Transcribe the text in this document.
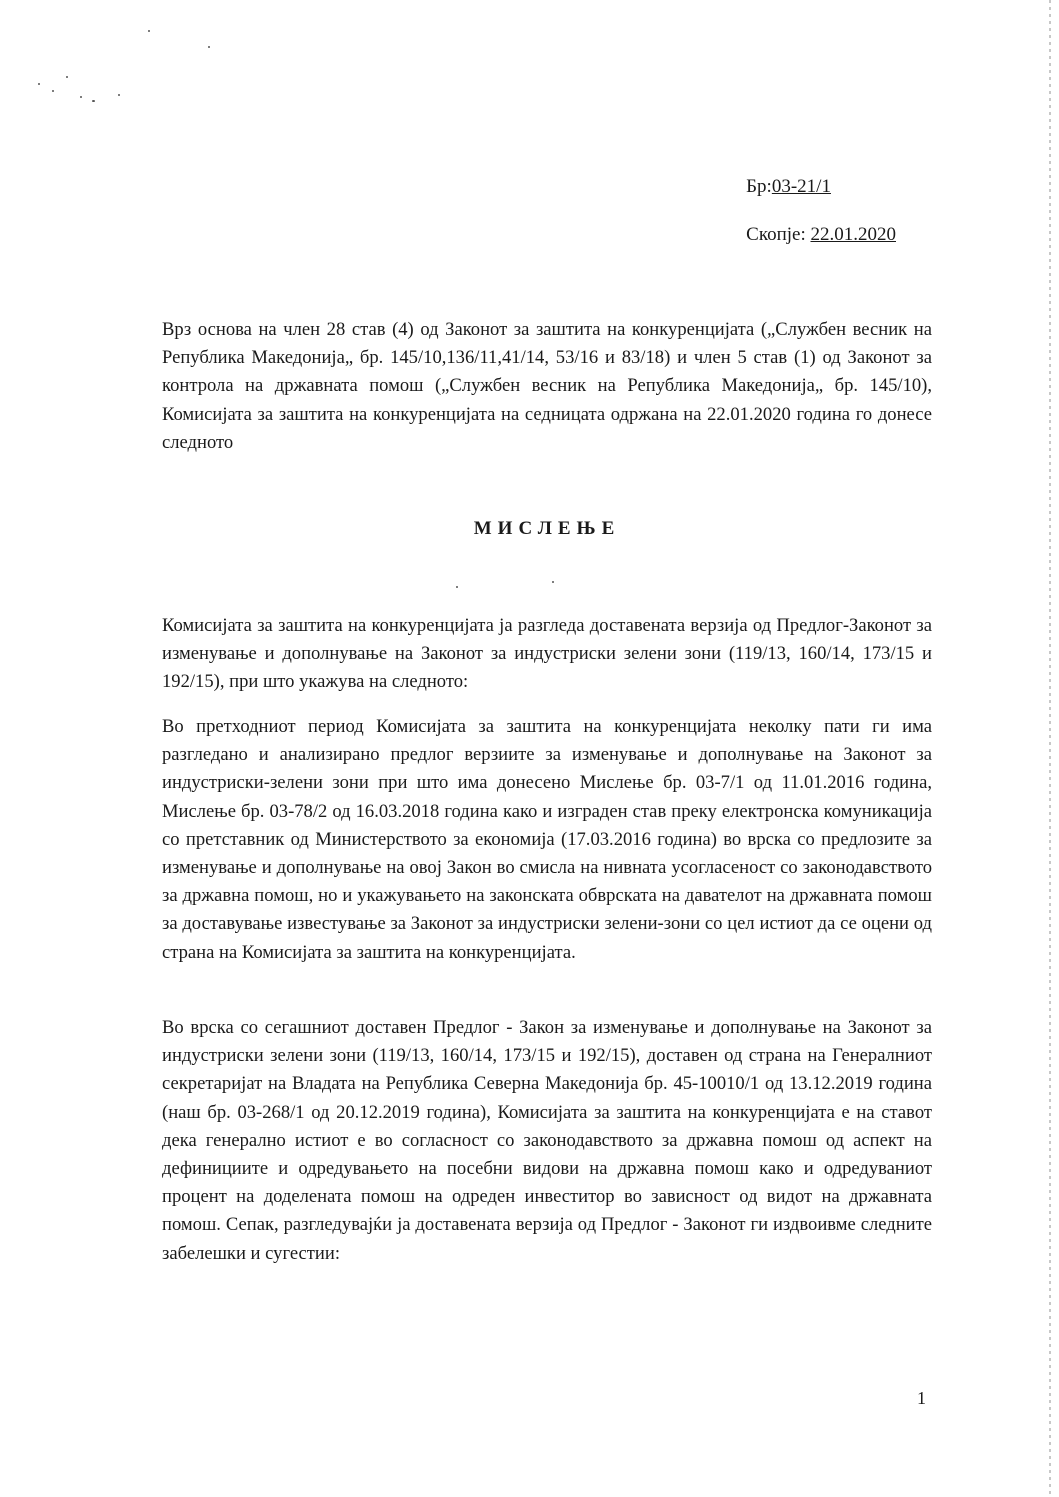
Бр:03-21/1
Скопје: 22.01.2020

Врз основа на член 28 став (4) од Законот за заштита на конкуренцијата („Службен весник на Република Македонија„ бр. 145/10,136/11,41/14, 53/16 и 83/18) и член 5 став (1) од Законот за контрола на државната помош („Службен весник на Република Македонија„ бр. 145/10), Комисијата за заштита на конкуренцијата на седницата одржана на 22.01.2020 година го донесе следното

МИСЛЕЊЕ

Комисијата за заштита на конкуренцијата ја разгледа доставената верзија од Предлог-Законот за изменување и дополнување на Законот за индустриски зелени зони (119/13, 160/14, 173/15 и 192/15), при што укажува на следното:

Во претходниот период Комисијата за заштита на конкуренцијата неколку пати ги има разгледано и анализирано предлог верзиите за изменување и дополнување на Законот за индустриски-зелени зони при што има донесено Мислење бр. 03-7/1 од 11.01.2016 година, Мислење бр. 03-78/2 од 16.03.2018 година како и изграден став преку електронска комуникација со претставник од Министерството за економија (17.03.2016 година) во врска со предлозите за изменување и дополнување на овој Закон во смисла на нивната усогласеност со законодавството за државна помош, но и укажувањето на законската обврската на давателот на државната помош за доставување известување за Законот за индустриски зелени-зони со цел истиот да се оцени од страна на Комисијата за заштита на конкуренцијата.

Во врска со сегашниот доставен Предлог - Закон за изменување и дополнување на Законот за индустриски зелени зони (119/13, 160/14, 173/15 и 192/15), доставен од страна на Генералниот секретаријат на Владата на Република Северна Македонија бр. 45-10010/1 од 13.12.2019 година (наш бр. 03-268/1 од 20.12.2019 година), Комисијата за заштита на конкуренцијата е на ставот дека генерално истиот е во согласност со законодавството за државна помош од аспект на дефинициите и одредувањето на посебни видови на државна помош како и одредуваниот процент на доделената помош на одреден инвеститор во зависност од видот на државната помош. Сепак, разгледувајќи ја доставената верзија од Предлог - Законот ги издвоивме следните забелешки и сугестии:

1
